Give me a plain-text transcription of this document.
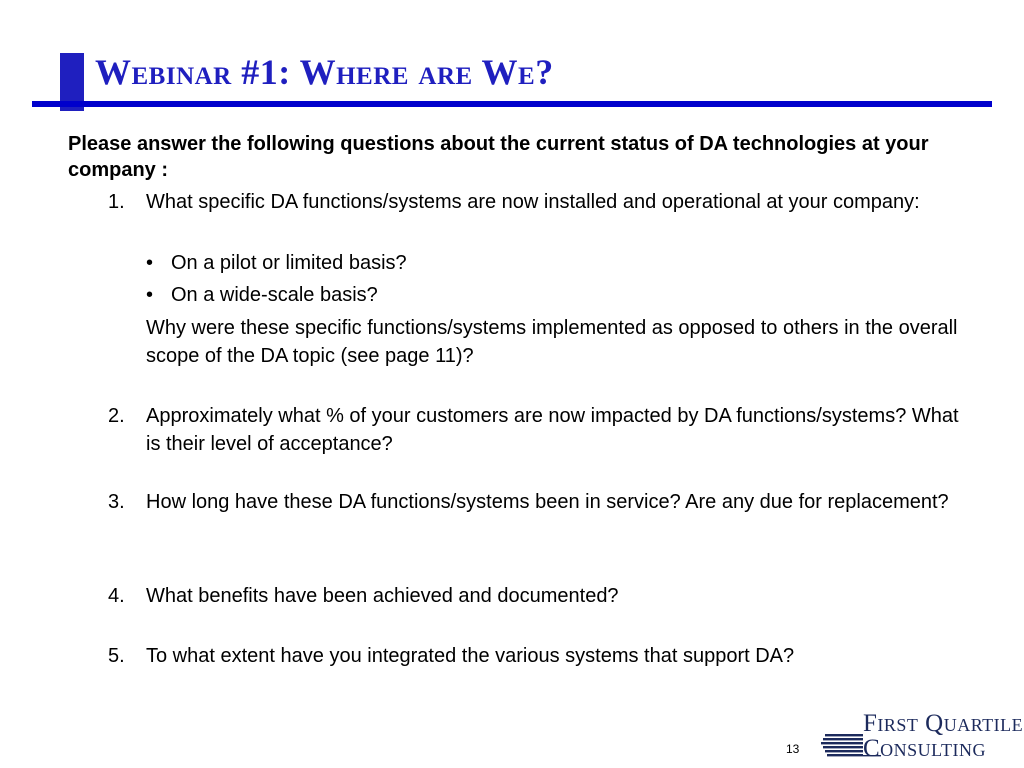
Webinar #1: Where are We?
Please answer the following questions about the current status of DA technologies at your company :
1. What specific DA functions/systems are now installed and operational at your company:
• On a pilot or limited basis?
• On a wide-scale basis?
Why were these specific functions/systems implemented as opposed to others in the overall scope of the DA topic (see page 11)?
2. Approximately what % of your customers are now impacted by DA functions/systems? What is their level of acceptance?
3. How long have these DA functions/systems been in service? Are any due for replacement?
4. What benefits have been achieved and documented?
5. To what extent have you integrated the various systems that support DA?
13
First Quartile
Consulting
